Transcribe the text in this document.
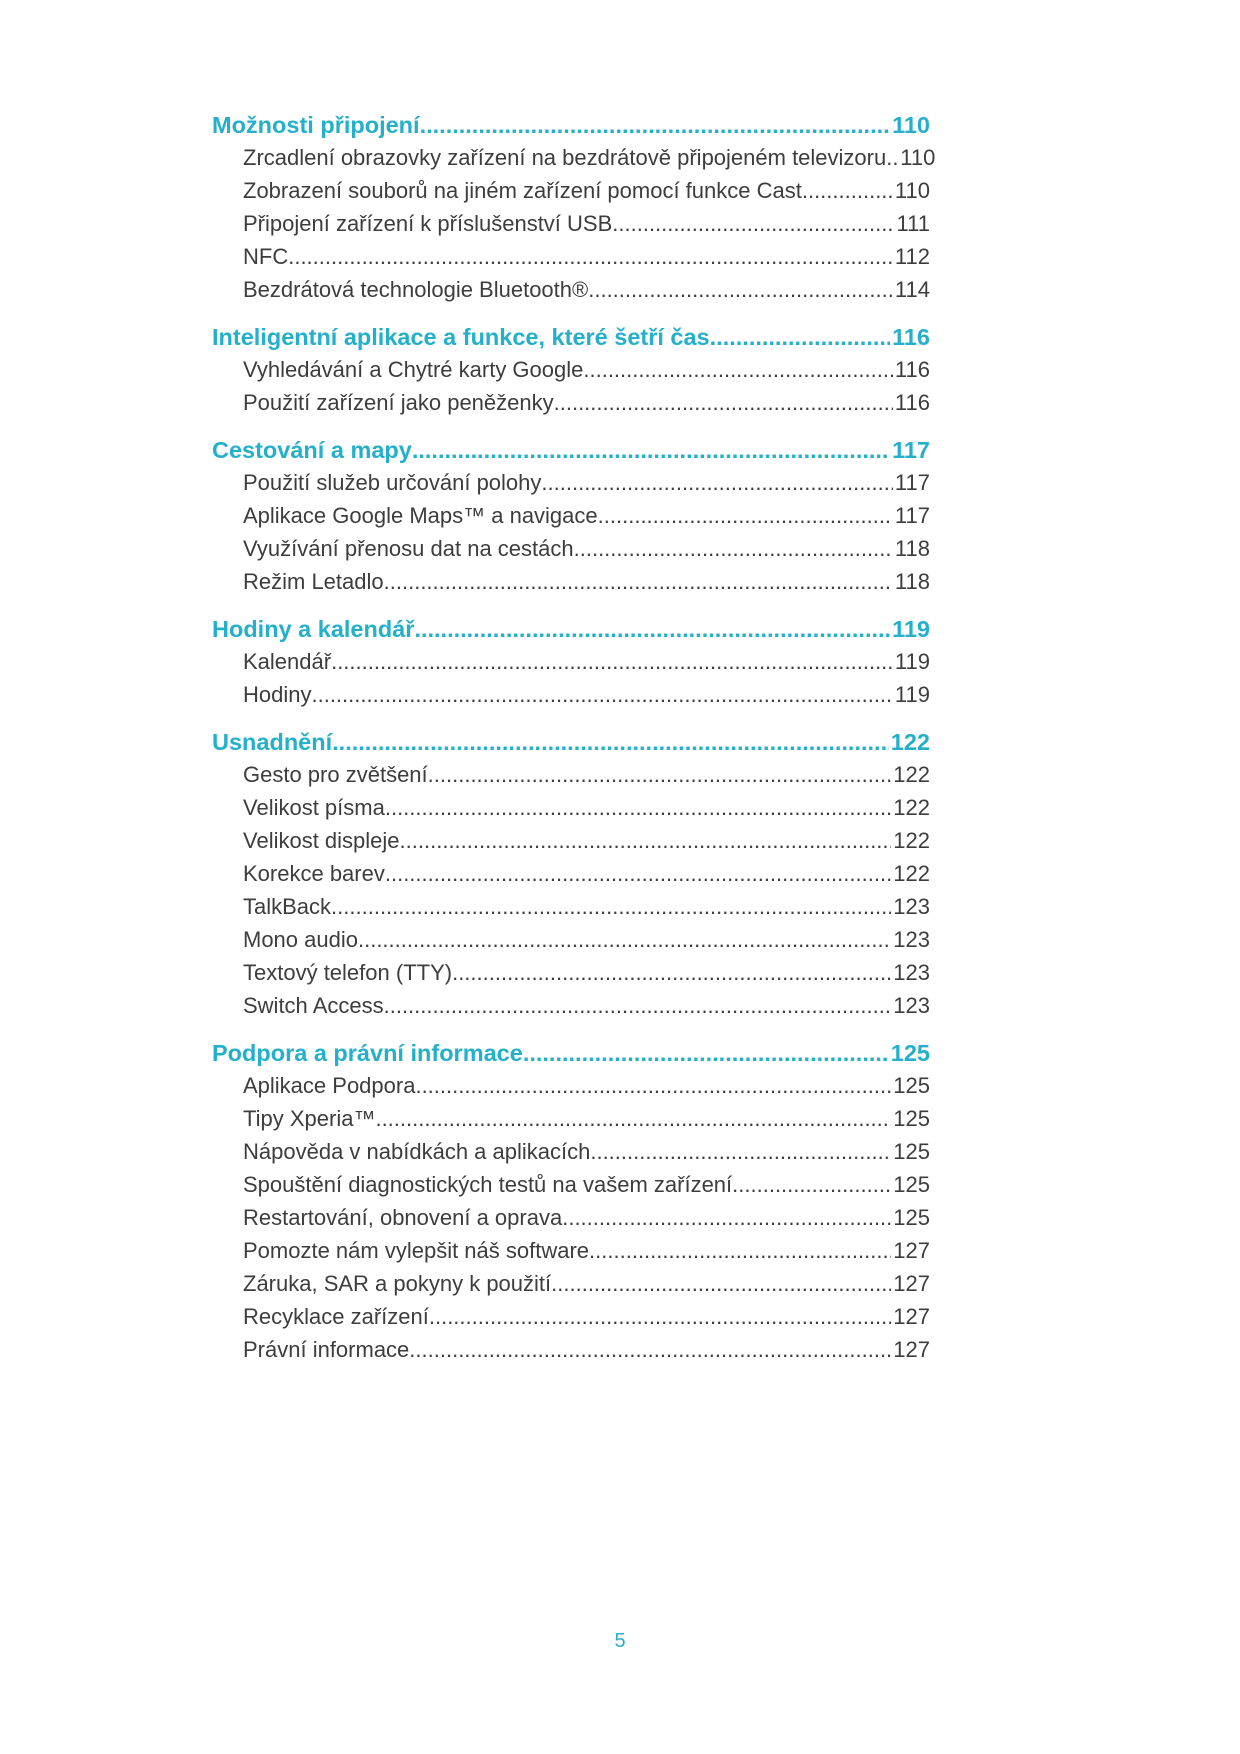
Možnosti připojení .....	110
Zrcadlení obrazovky zařízení na bezdrátově připojeném televizoru ..... 110
Zobrazení souborů na jiném zařízení pomocí funkce Cast .....	110
Připojení zařízení k příslušenství USB .....	111
NFC .....	112
Bezdrátová technologie Bluetooth® .....	114
Inteligentní aplikace a funkce, které šetří čas .....	116
Vyhledávání a Chytré karty Google .....	116
Použití zařízení jako peněženky .....	116
Cestování a mapy .....	117
Použití služeb určování polohy .....	117
Aplikace Google Maps™ a navigace .....	117
Využívání přenosu dat na cestách .....	118
Režim Letadlo .....	118
Hodiny a kalendář .....	119
Kalendář .....	119
Hodiny .....	119
Usnadnění .....	122
Gesto pro zvětšení .....	122
Velikost písma .....	122
Velikost displeje .....	122
Korekce barev .....	122
TalkBack .....	123
Mono audio .....	123
Textový telefon (TTY) .....	123
Switch Access .....	123
Podpora a právní informace .....	125
Aplikace Podpora .....	125
Tipy Xperia™ .....	125
Nápověda v nabídkách a aplikacích .....	125
Spouštění diagnostických testů na vašem zařízení .....	125
Restartování, obnovení a oprava .....	125
Pomozte nám vylepšit náš software .....	127
Záruka, SAR a pokyny k použití .....	127
Recyklace zařízení .....	127
Právní informace .....	127
5
